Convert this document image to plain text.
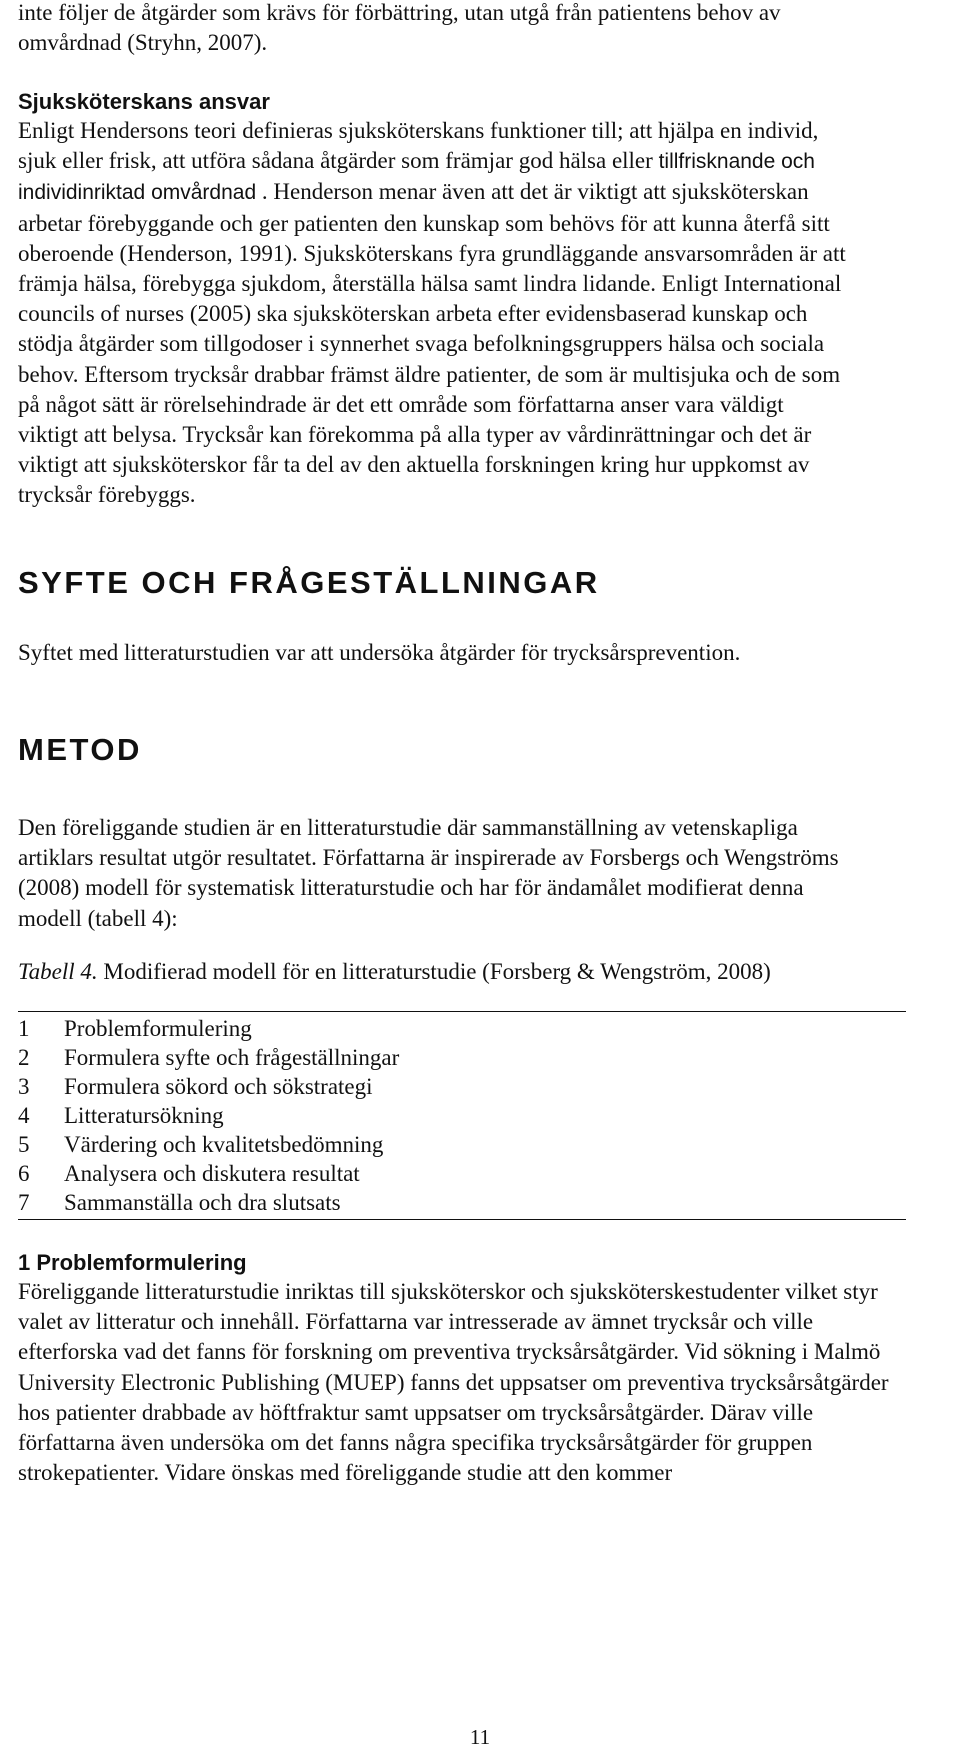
inte följer de åtgärder som krävs för förbättring, utan utgå från patientens behov av omvårdnad (Stryhn, 2007).

Sjuksköterskans ansvar

Enligt Hendersons teori definieras sjuksköterskans funktioner till; att hjälpa en individ, sjuk eller frisk, att utföra sådana åtgärder som främjar god hälsa eller tillfrisknande och individinriktad omvårdnad . Henderson menar även att det är viktigt att sjuksköterskan arbetar förebyggande och ger patienten den kunskap som behövs för att kunna återfå sitt oberoende (Henderson, 1991). Sjuksköterskans fyra grundläggande ansvarsområden är att främja hälsa, förebygga sjukdom, återställa hälsa samt lindra lidande. Enligt International councils of nurses (2005) ska sjuksköterskan arbeta efter evidensbaserad kunskap och stödja åtgärder som tillgodoser i synnerhet svaga befolkningsgruppers hälsa och sociala behov. Eftersom trycksår drabbar främst äldre patienter, de som är multisjuka och de som på något sätt är rörelsehindrade är det ett område som författarna anser vara väldigt viktigt att belysa. Trycksår kan förekomma på alla typer av vårdinrättningar och det är viktigt att sjuksköterskor får ta del av den aktuella forskningen kring hur uppkomst av trycksår förebyggs.

SYFTE OCH FRÅGESTÄLLNINGAR

Syftet med litteraturstudien var att undersöka åtgärder för trycksårsprevention.

METOD

Den föreliggande studien är en litteraturstudie där sammanställning av vetenskapliga artiklars resultat utgör resultatet. Författarna är inspirerade av Forsbergs och Wengströms (2008) modell för systematisk litteraturstudie och har för ändamålet modifierat denna modell (tabell 4):

Tabell 4. Modifierad modell för en litteraturstudie (Forsberg & Wengström, 2008)

1	Problemformulering
2	Formulera syfte och frågeställningar
3	Formulera sökord och sökstrategi
4	Litteratursökning
5	Värdering och kvalitetsbedömning
6	Analysera och diskutera resultat
7	Sammanställa och dra slutsats
1 Problemformulering

Föreliggande litteraturstudie inriktas till sjuksköterskor och sjuksköterskestudenter vilket styr valet av litteratur och innehåll. Författarna var intresserade av ämnet trycksår och ville efterforska vad det fanns för forskning om preventiva trycksårsåtgärder. Vid sökning i Malmö University Electronic Publishing (MUEP) fanns det uppsatser om preventiva trycksårsåtgärder hos patienter drabbade av höftfraktur samt uppsatser om trycksårsåtgärder. Därav ville författarna även undersöka om det fanns några specifika trycksårsåtgärder för gruppen strokepatienter. Vidare önskas med föreliggande studie att den kommer

11
